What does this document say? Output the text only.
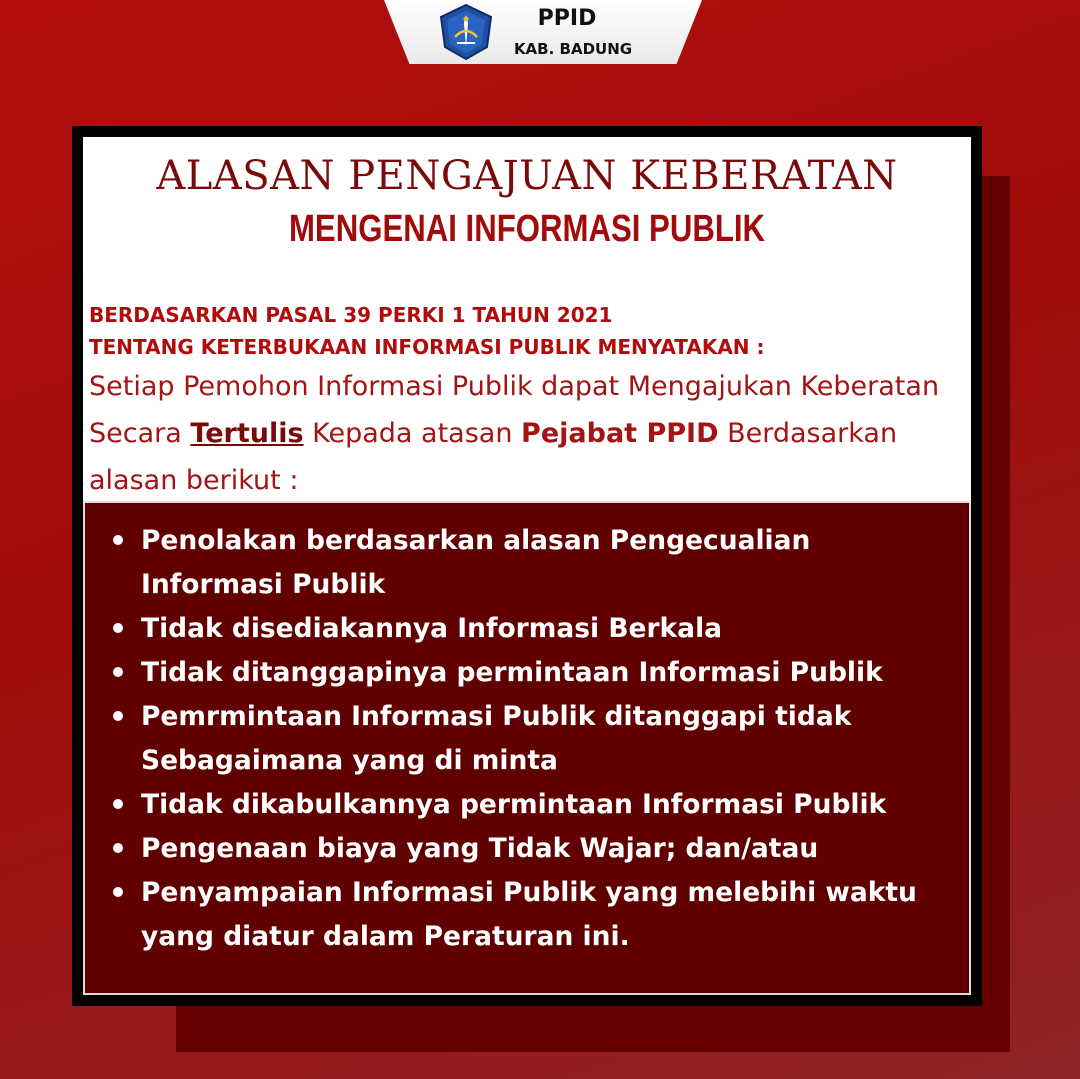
PPID
KAB. BADUNG
ALASAN PENGAJUAN KEBERATAN
MENGENAI INFORMASI PUBLIK
BERDASARKAN PASAL 39 PERKI 1 TAHUN 2021
TENTANG KETERBUKAAN INFORMASI PUBLIK MENYATAKAN :
Setiap Pemohon Informasi Publik dapat Mengajukan Keberatan Secara Tertulis Kepada atasan Pejabat PPID Berdasarkan alasan berikut :
Penolakan berdasarkan alasan Pengecualian Informasi Publik
Tidak disediakannya Informasi Berkala
Tidak ditanggapinya permintaan Informasi Publik
Pemrmintaan Informasi Publik ditanggapi tidak Sebagaimana yang di minta
Tidak dikabulkannya permintaan Informasi Publik
Pengenaan biaya yang Tidak Wajar; dan/atau
Penyampaian Informasi Publik yang melebihi waktu yang diatur dalam Peraturan ini.
